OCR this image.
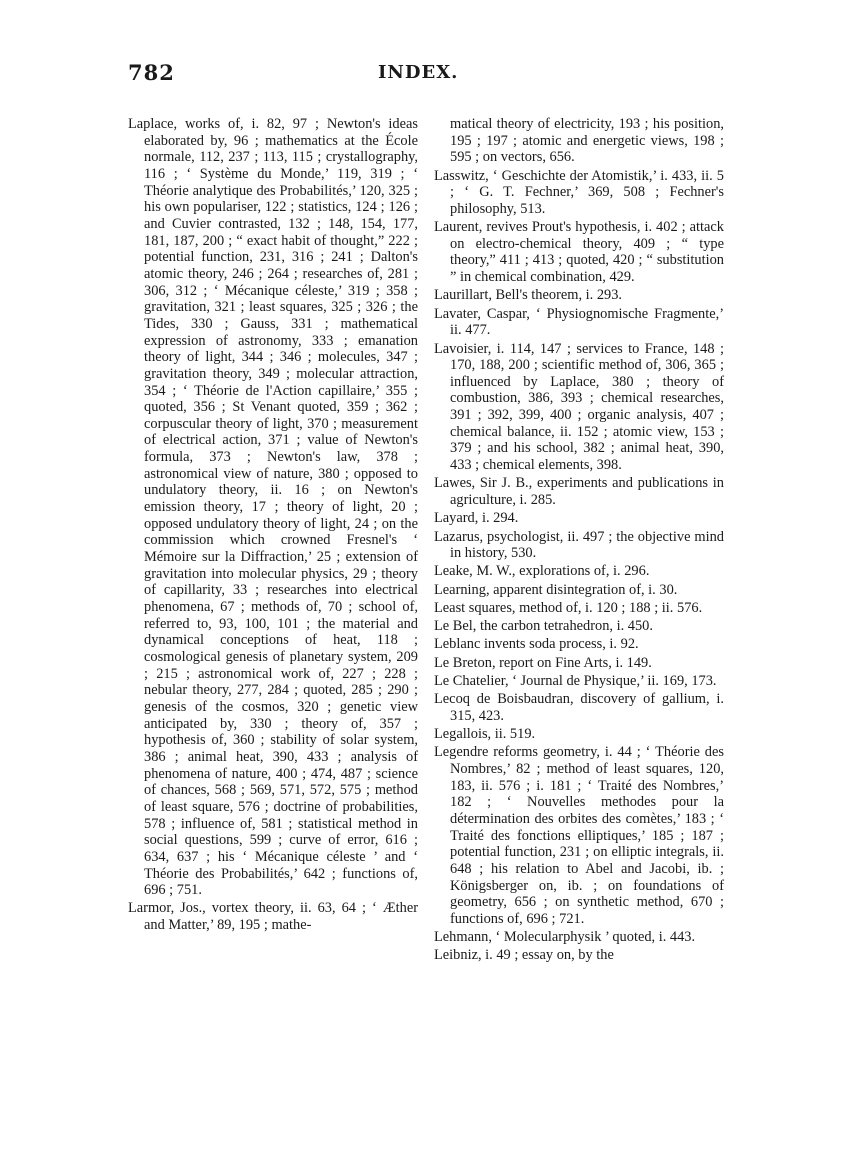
782	INDEX.

Laplace, works of, i. 82, 97 ; Newton's ideas elaborated by, 96 ; mathematics at the École normale, 112, 237 ; 113, 115 ; crystallography, 116 ; ‘ Système du Monde,’ 119, 319 ; ‘ Théorie analytique des Probabilités,’ 120, 325 ; his own populariser, 122 ; statistics, 124 ; 126 ; and Cuvier contrasted, 132 ; 148, 154, 177, 181, 187, 200 ; “ exact habit of thought,” 222 ; potential function, 231, 316 ; 241 ; Dalton's atomic theory, 246 ; 264 ; researches of, 281 ; 306, 312 ; ‘ Mécanique céleste,’ 319 ; 358 ; gravitation, 321 ; least squares, 325 ; 326 ; the Tides, 330 ; Gauss, 331 ; mathematical expression of astronomy, 333 ; emanation theory of light, 344 ; 346 ; molecules, 347 ; gravitation theory, 349 ; molecular attraction, 354 ; ‘ Théorie de l'Action capillaire,’ 355 ; quoted, 356 ; St Venant quoted, 359 ; 362 ; corpuscular theory of light, 370 ; measurement of electrical action, 371 ; value of Newton's formula, 373 ; Newton's law, 378 ; astronomical view of nature, 380 ; opposed to undulatory theory, ii. 16 ; on Newton's emission theory, 17 ; theory of light, 20 ; opposed undulatory theory of light, 24 ; on the commission which crowned Fresnel's ‘ Mémoire sur la Diffraction,’ 25 ; extension of gravitation into molecular physics, 29 ; theory of capillarity, 33 ; researches into electrical phenomena, 67 ; methods of, 70 ; school of, referred to, 93, 100, 101 ; the material and dynamical conceptions of heat, 118 ; cosmological genesis of planetary system, 209 ; 215 ; astronomical work of, 227 ; 228 ; nebular theory, 277, 284 ; quoted, 285 ; 290 ; genesis of the cosmos, 320 ; genetic view anticipated by, 330 ; theory of, 357 ; hypothesis of, 360 ; stability of solar system, 386 ; animal heat, 390, 433 ; analysis of phenomena of nature, 400 ; 474, 487 ; science of chances, 568 ; 569, 571, 572, 575 ; method of least square, 576 ; doctrine of probabilities, 578 ; influence of, 581 ; statistical method in social questions, 599 ; curve of error, 616 ; 634, 637 ; his ‘ Mécanique céleste ’ and ‘ Théorie des Probabilités,’ 642 ; functions of, 696 ; 751.

Larmor, Jos., vortex theory, ii. 63, 64 ; ‘ Æther and Matter,’ 89, 195 ; mathe-

matical theory of electricity, 193 ; his position, 195 ; 197 ; atomic and energetic views, 198 ; 595 ; on vectors, 656.

Lasswitz, ‘ Geschichte der Atomistik,’ i. 433, ii. 5 ; ‘ G. T. Fechner,’ 369, 508 ; Fechner's philosophy, 513.

Laurent, revives Prout's hypothesis, i. 402 ; attack on electro-chemical theory, 409 ; “ type theory,” 411 ; 413 ; quoted, 420 ; “ substitution ” in chemical combination, 429.

Laurillart, Bell's theorem, i. 293.

Lavater, Caspar, ‘ Physiognomische Fragmente,’ ii. 477.

Lavoisier, i. 114, 147 ; services to France, 148 ; 170, 188, 200 ; scientific method of, 306, 365 ; influenced by Laplace, 380 ; theory of combustion, 386, 393 ; chemical researches, 391 ; 392, 399, 400 ; organic analysis, 407 ; chemical balance, ii. 152 ; atomic view, 153 ; 379 ; and his school, 382 ; animal heat, 390, 433 ; chemical elements, 398.

Lawes, Sir J. B., experiments and publications in agriculture, i. 285.

Layard, i. 294.

Lazarus, psychologist, ii. 497 ; the objective mind in history, 530.

Leake, M. W., explorations of, i. 296.

Learning, apparent disintegration of, i. 30.

Least squares, method of, i. 120 ; 188 ; ii. 576.

Le Bel, the carbon tetrahedron, i. 450.

Leblanc invents soda process, i. 92.

Le Breton, report on Fine Arts, i. 149.

Le Chatelier, ‘ Journal de Physique,’ ii. 169, 173.

Lecoq de Boisbaudran, discovery of gallium, i. 315, 423.

Legallois, ii. 519.

Legendre reforms geometry, i. 44 ; ‘ Théorie des Nombres,’ 82 ; method of least squares, 120, 183, ii. 576 ; i. 181 ; ‘ Traité des Nombres,’ 182 ; ‘ Nouvelles methodes pour la détermination des orbites des comètes,’ 183 ; ‘ Traité des fonctions elliptiques,’ 185 ; 187 ; potential function, 231 ; on elliptic integrals, ii. 648 ; his relation to Abel and Jacobi, ib. ; Königsberger on, ib. ; on foundations of geometry, 656 ; on synthetic method, 670 ; functions of, 696 ; 721.

Lehmann, ‘ Molecularphysik ’ quoted, i. 443.

Leibniz, i. 49 ; essay on, by the
